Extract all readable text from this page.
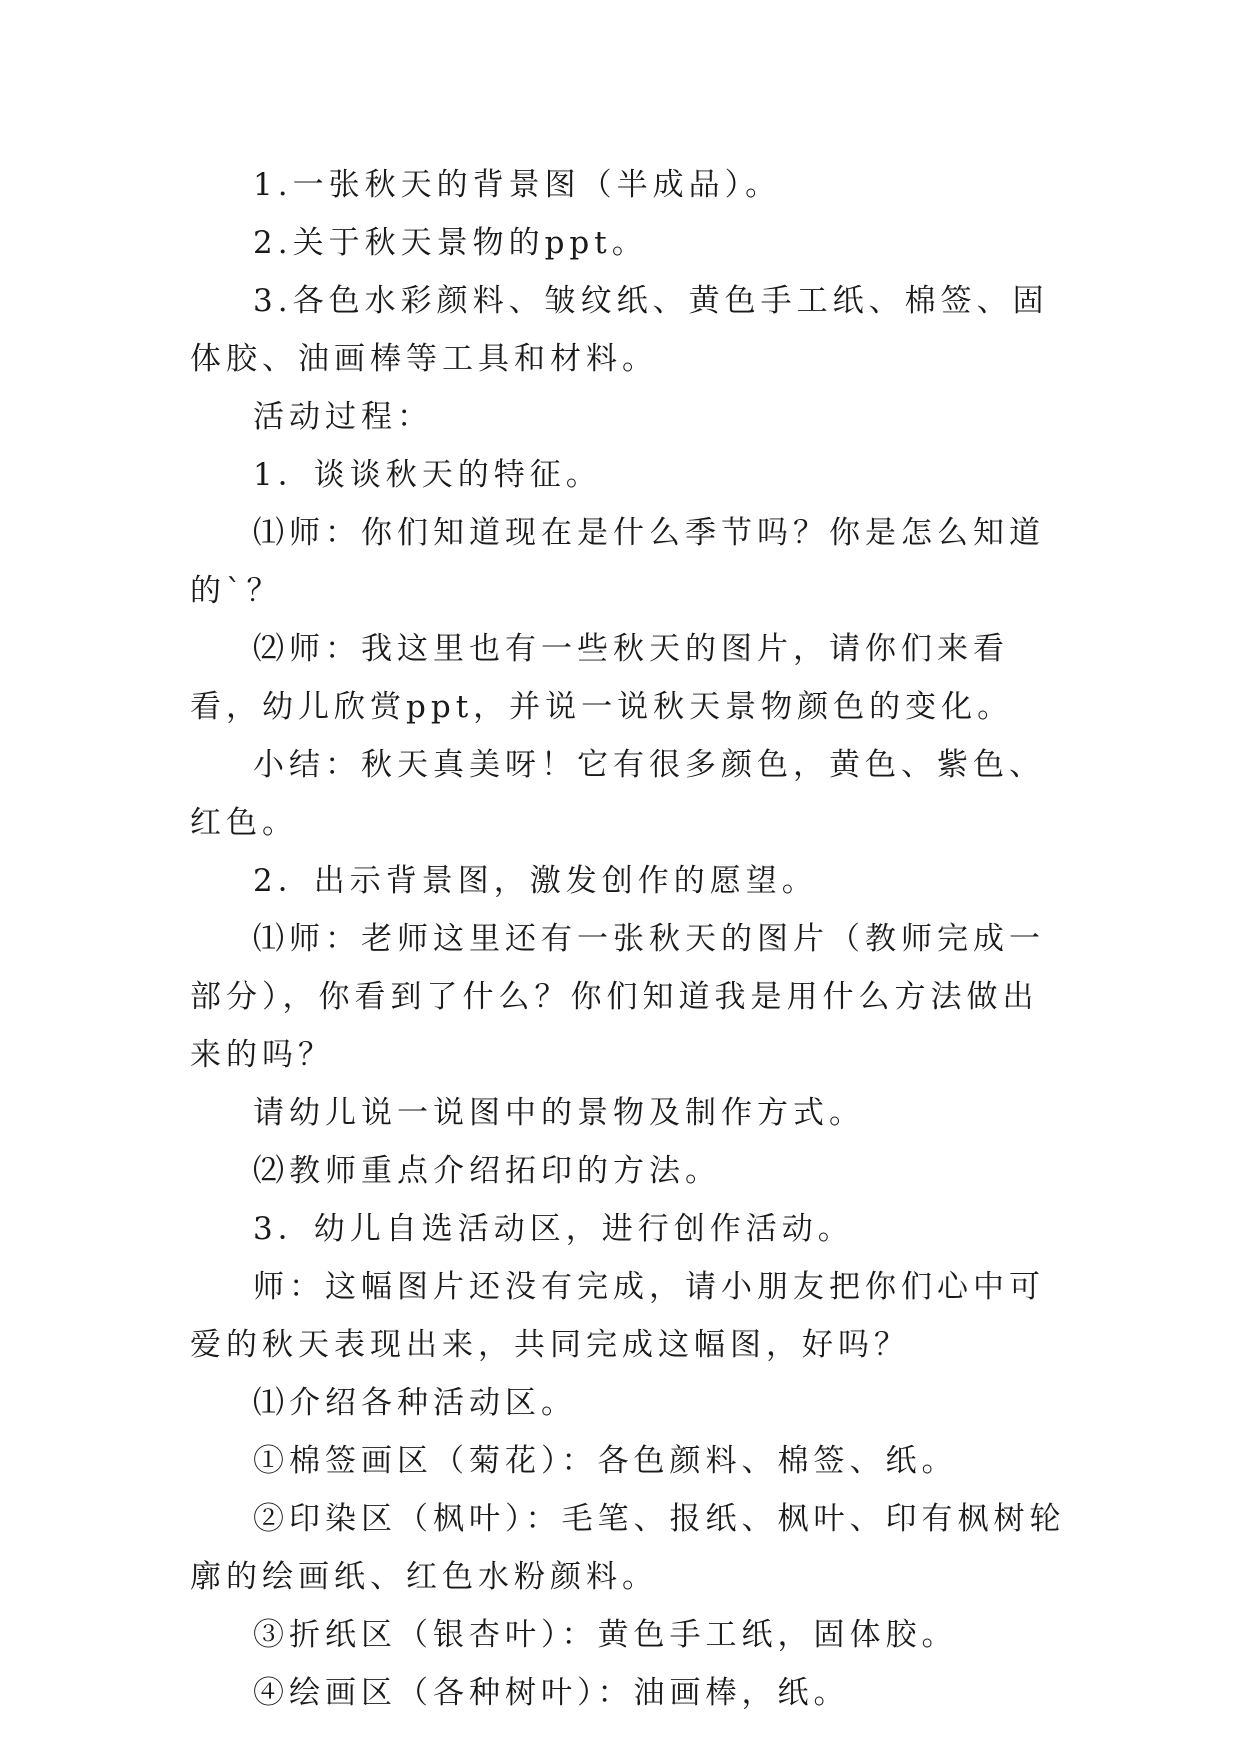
1.一张秋天的背景图（半成品）。

2.关于秋天景物的ppt。

3.各色水彩颜料、皱纹纸、黄色手工纸、棉签、固体胶、油画棒等工具和材料。

活动过程：

1．谈谈秋天的特征。

⑴师：你们知道现在是什么季节吗？你是怎么知道的`？

⑵师：我这里也有一些秋天的图片，请你们来看看，幼儿欣赏ppt，并说一说秋天景物颜色的变化。

小结：秋天真美呀！它有很多颜色，黄色、紫色、红色。

2．出示背景图，激发创作的愿望。

⑴师：老师这里还有一张秋天的图片（教师完成一部分），你看到了什么？你们知道我是用什么方法做出来的吗？

请幼儿说一说图中的景物及制作方式。

⑵教师重点介绍拓印的方法。

3．幼儿自选活动区，进行创作活动。

师：这幅图片还没有完成，请小朋友把你们心中可爱的秋天表现出来，共同完成这幅图，好吗？

⑴介绍各种活动区。

①棉签画区（菊花）：各色颜料、棉签、纸。

②印染区（枫叶）：毛笔、报纸、枫叶、印有枫树轮廓的绘画纸、红色水粉颜料。

③折纸区（银杏叶）：黄色手工纸，固体胶。

④绘画区（各种树叶）：油画棒，纸。
